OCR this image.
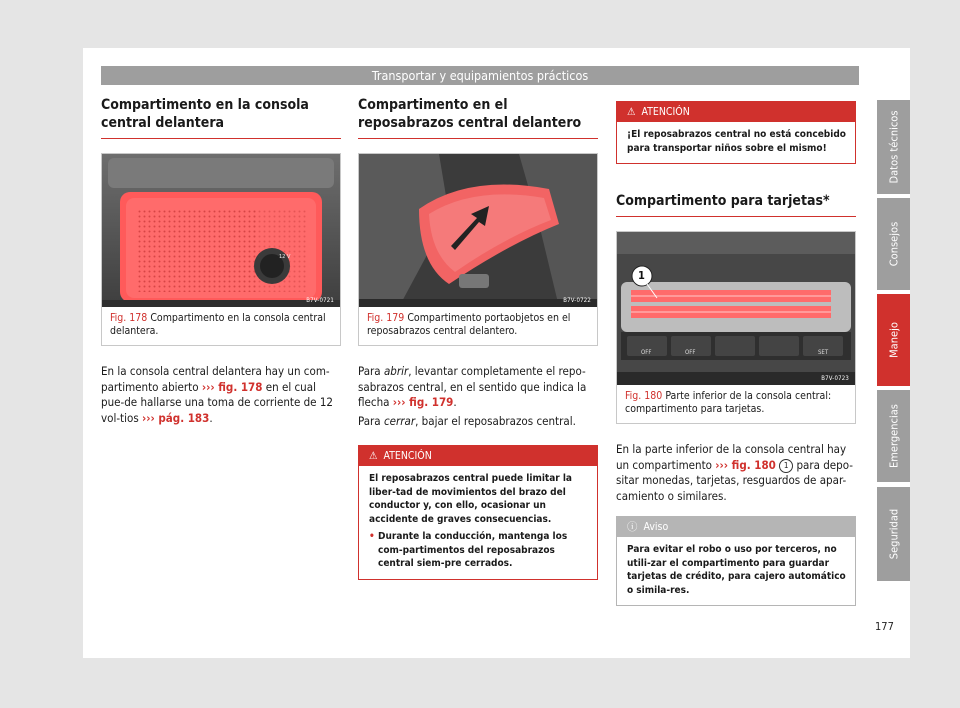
Transportar y equipamientos prácticos
Compartimento en la consola central delantera
12 V
B7V-0721
Fig. 178 Compartimento en la consola central delantera.

En la consola central delantera hay un com-partimento abierto ››› fig. 178 en el cual pue-de hallarse una toma de corriente de 12 vol-tios ››› pág. 183.

Compartimento en el reposabrazos central delantero
B7V-0722
Fig. 179 Compartimento portaobjetos en el reposabrazos central delantero.

Para abrir, levantar completamente el repo-sabrazos central, en el sentido que indica la flecha ››› fig. 179.

Para cerrar, bajar el reposabrazos central.

⚠ ATENCIÓN
El reposabrazos central puede limitar la liber-tad de movimientos del brazo del conductor y, con ello, ocasionar un accidente de graves consecuencias.
• Durante la conducción, mantenga los com-partimentos del reposabrazos central siem-pre cerrados.
⚠ ATENCIÓN
¡El reposabrazos central no está concebido para transportar niños sobre el mismo!
Compartimento para tarjetas*
1
OFF	OFF	SET
B7V-0723
Fig. 180 Parte inferior de la consola central: compartimento para tarjetas.

En la parte inferior de la consola central hay un compartimento ››› fig. 180 1 para depo-sitar monedas, tarjetas, resguardos de apar-camiento o similares.

ⓘ Aviso
Para evitar el robo o uso por terceros, no utili-zar el compartimento para guardar tarjetas de crédito, para cajero automático o simila-res.
Datos técnicos
Consejos
Manejo
Emergencias
Seguridad
177
